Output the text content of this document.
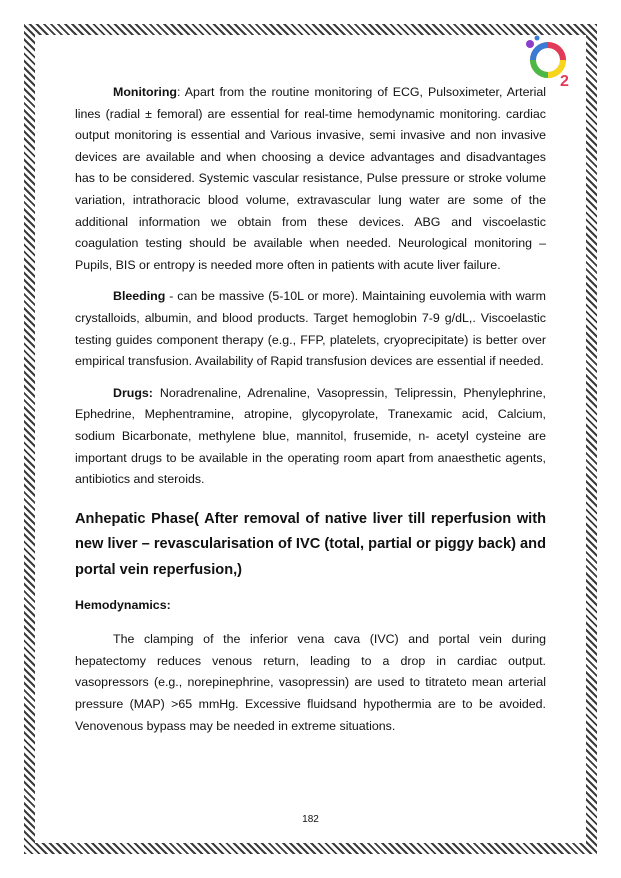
2

Monitoring: Apart from the routine monitoring of ECG, Pulsoximeter, Arterial lines (radial ± femoral) are essential for real-time hemodynamic monitoring. cardiac output monitoring is essential and Various invasive, semi invasive and non invasive devices are available and when choosing a device advantages and disadvantages has to be considered. Systemic vascular resistance, Pulse pressure or stroke volume variation, intrathoracic blood volume, extravascular lung water are some of the additional information we obtain from these devices. ABG and viscoelastic coagulation testing should be available when needed. Neurological monitoring – Pupils, BIS or entropy is needed more often in patients with acute liver failure.

Bleeding - can be massive (5-10L or more). Maintaining euvolemia with warm crystalloids, albumin, and blood products. Target hemoglobin 7-9 g/dL,. Viscoelastic testing guides component therapy (e.g., FFP, platelets, cryoprecipitate) is better over empirical transfusion. Availability of Rapid transfusion devices are essential if needed.

Drugs: Noradrenaline, Adrenaline, Vasopressin, Telipressin, Phenylephrine, Ephedrine, Mephentramine, atropine, glycopyrolate, Tranexamic acid, Calcium, sodium Bicarbonate, methylene blue, mannitol, frusemide, n- acetyl cysteine are important drugs to be available in the operating room apart from anaesthetic agents, antibiotics and steroids.

Anhepatic Phase( After removal of native liver till reperfusion with new liver – revascularisation of IVC (total, partial or piggy back) and portal vein reperfusion,)
Hemodynamics:

The clamping of the inferior vena cava (IVC) and portal vein during hepatectomy reduces venous return, leading to a drop in cardiac output. vasopressors (e.g., norepinephrine, vasopressin) are used to titrateto mean arterial pressure (MAP) >65 mmHg. Excessive fluidsand hypothermia are to be avoided. Venovenous bypass may be needed in extreme situations.

182
